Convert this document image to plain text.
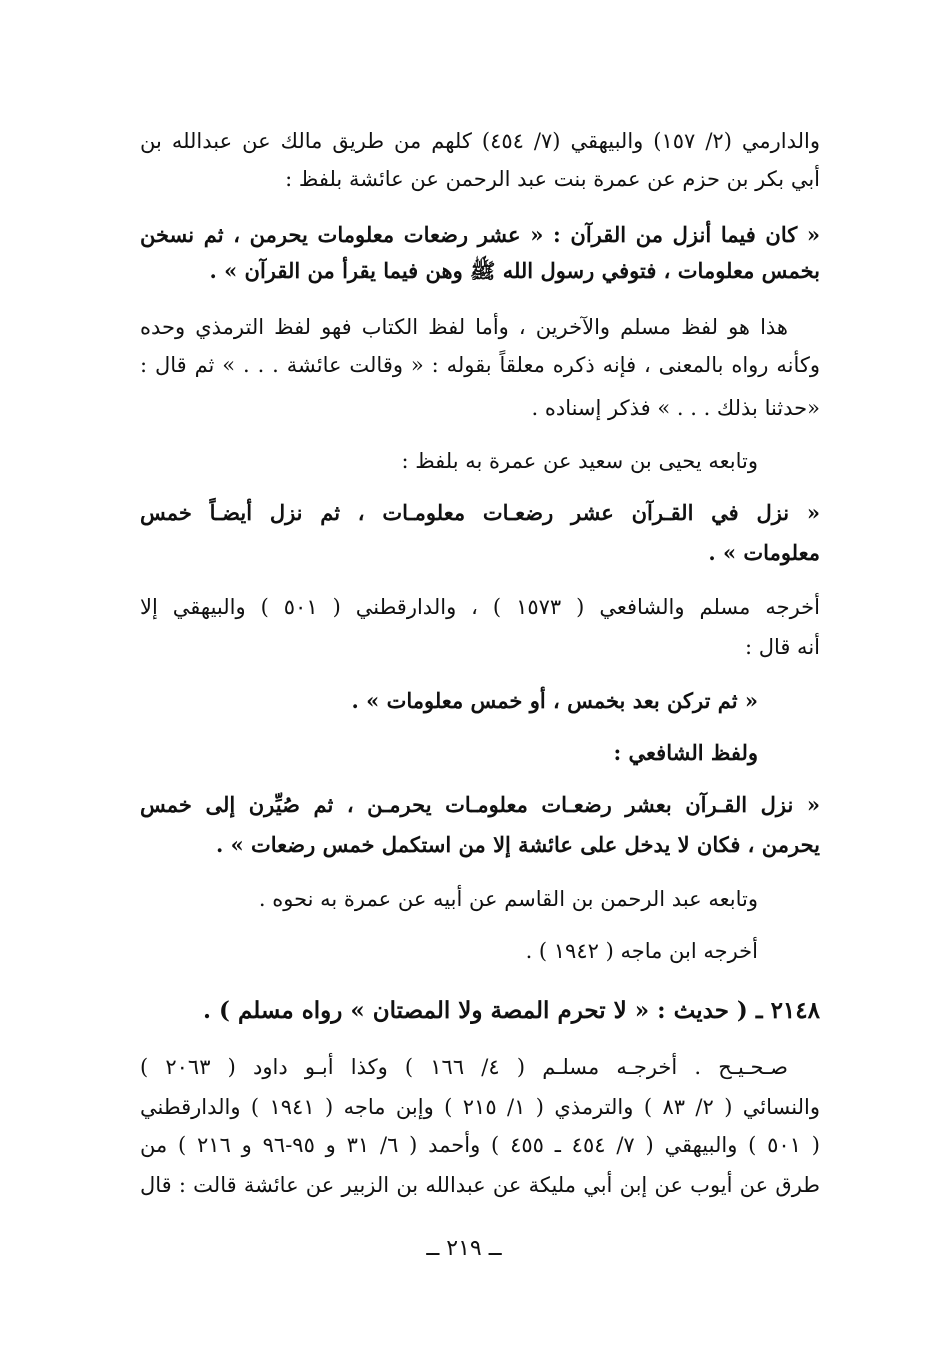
والدارمي (٢/ ١٥٧) والبيهقي (٧/ ٤٥٤) كلهم من طريق مالك عن عبدالله بن
أبي بكر بن حزم عن عمرة بنت عبد الرحمن عن عائشة بلفظ :
« كان فيما أنزل من القرآن : « عشر رضعات معلومات يحرمن ، ثم نسخن
بخمس معلومات ، فتوفي رسول الله ﷺ وهن فيما يقرأ من القرآن » .
هذا هو لفظ مسلم والآخرين ، وأما لفظ الكتاب فهو لفظ الترمذي وحده
وكأنه رواه بالمعنى ، فإنه ذكره معلقاً بقوله : « وقالت عائشة . . . » ثم قال :
«حدثنا بذلك . . . » فذكر إسناده .
وتابعه يحيى بن سعيد عن عمرة به بلفظ :
« نزل في القـرآن عشر رضعـات معلومـات ، ثم نزل أيضـاً خمس
معلومات » .
أخرجه مسلم والشافعي ( ١٥٧٣ ) ، والدارقطني ( ٥٠١ ) والبيهقي إلا
أنه قال :
« ثم تركن بعد بخمس ، أو خمس معلومات » .
ولفظ الشافعي :
« نزل القـرآن بعشر رضعـات معلومـات يحرمـن ، ثم صُيِّرن إلى خمس
يحرمن ، فكان لا يدخل على عائشة إلا من استكمل خمس رضعات » .
وتابعه عبد الرحمن بن القاسم عن أبيه عن عمرة به نحوه .
أخرجه ابن ماجه ( ١٩٤٢ ) .
٢١٤٨ ـ ( حديث : « لا تحرم المصة ولا المصتان » رواه مسلم ) .
صـحـيـح . أخرجـه مسلـم ( ٤/ ١٦٦ ) وكذا أبـو داود ( ٢٠٦٣ )
والنسائي ( ٢/ ٨٣ ) والترمذي ( ١/ ٢١٥ ) وإبن ماجه ( ١٩٤١ ) والدارقطني
( ٥٠١ ) والبيهقي ( ٧/ ٤٥٤ ـ ٤٥٥ ) وأحمد ( ٦/ ٣١ و ٩٥-٩٦ و ٢١٦ ) من
طرق عن أيوب عن إبن أبي مليكة عن عبدالله بن الزبير عن عائشة قالت : قال
ــ ٢١٩ ــ
